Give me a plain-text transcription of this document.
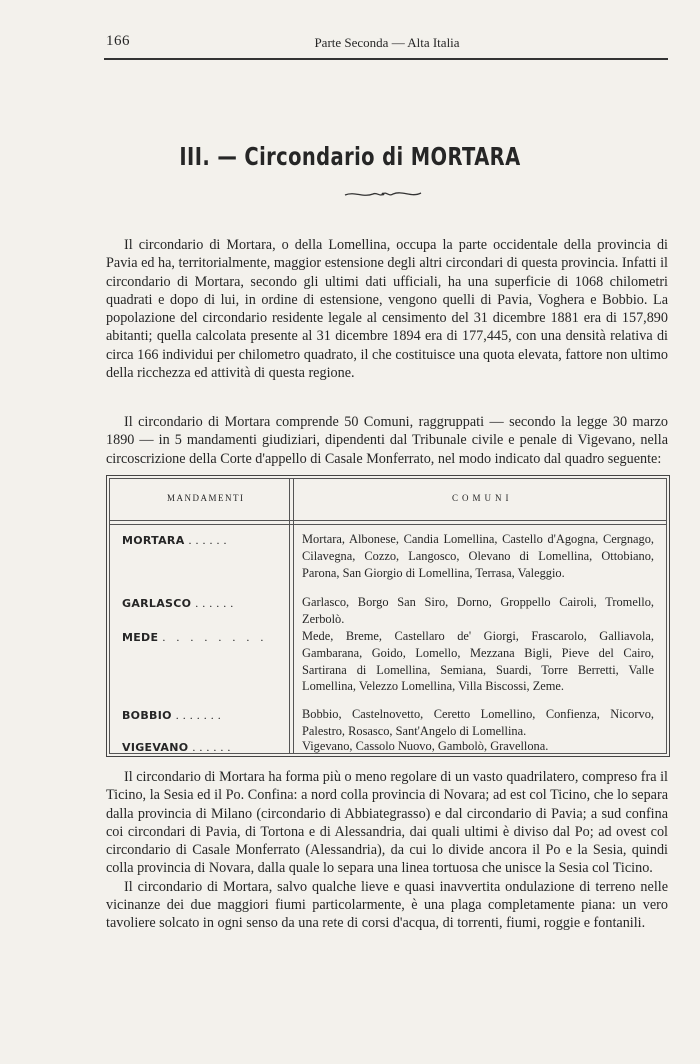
166	Parte Seconda — Alta Italia
III. — Circondario di MORTARA

Il circondario di Mortara, o della Lomellina, occupa la parte occidentale della provincia di Pavia ed ha, territorialmente, maggior estensione degli altri circondari di questa provincia. Infatti il circondario di Mortara, secondo gli ultimi dati ufficiali, ha una superficie di 1068 chilometri quadrati e dopo di lui, in ordine di estensione, vengono quelli di Pavia, Voghera e Bobbio. La popolazione del circondario residente legale al censimento del 31 dicembre 1881 era di 157,890 abitanti; quella calcolata presente al 31 dicembre 1894 era di 177,445, con una densità relativa di circa 166 individui per chilometro quadrato, il che costituisce una quota elevata, fattore non ultimo della ricchezza ed attività di questa regione.

Il circondario di Mortara comprende 50 Comuni, raggruppati — secondo la legge 30 marzo 1890 — in 5 mandamenti giudiziari, dipendenti dal Tribunale civile e penale di Vigevano, nella circoscrizione della Corte d'appello di Casale Monferrato, nel modo indicato dal quadro seguente:

MANDAMENTI	COMUNI
MORTARA ......	Mortara, Albonese, Candia Lomellina, Castello d'Agogna, Cergnago, Cilavegna, Cozzo, Langosco, Olevano di Lomellina, Ottobiano, Parona, San Giorgio di Lomellina, Terrasa, Valeggio.
GARLASCO ......	Garlasco, Borgo San Siro, Dorno, Groppello Cairoli, Tromello, Zerbolò.
MEDE . . . . . . . .	Mede, Breme, Castellaro de' Giorgi, Frascarolo, Galliavola, Gambarana, Goido, Lomello, Mezzana Bigli, Pieve del Cairo, Sartirana di Lomellina, Semiana, Suardi, Torre Berretti, Valle Lomellina, Velezzo Lomellina, Villa Biscossi, Zeme.
BOBBIO .......	Bobbio, Castelnovetto, Ceretto Lomellino, Confienza, Nicorvo, Palestro, Rosasco, Sant'Angelo di Lomellina.
VIGEVANO ......	Vigevano, Cassolo Nuovo, Gambolò, Gravellona.

Il circondario di Mortara ha forma più o meno regolare di un vasto quadrilatero, compreso fra il Ticino, la Sesia ed il Po. Confina: a nord colla provincia di Novara; ad est col Ticino, che lo separa dalla provincia di Milano (circondario di Abbiategrasso) e dal circondario di Pavia; a sud confina coi circondari di Pavia, di Tortona e di Alessandria, dai quali ultimi è diviso dal Po; ad ovest col circondario di Casale Monferrato (Alessandria), da cui lo divide ancora il Po e la Sesia, quindi colla provincia di Novara, dalla quale lo separa una linea tortuosa che unisce la Sesia col Ticino.

Il circondario di Mortara, salvo qualche lieve e quasi inavvertita ondulazione di terreno nelle vicinanze dei due maggiori fiumi particolarmente, è una plaga completamente piana: un vero tavoliere solcato in ogni senso da una rete di corsi d'acqua, di torrenti, fiumi, roggie e fontanili.
